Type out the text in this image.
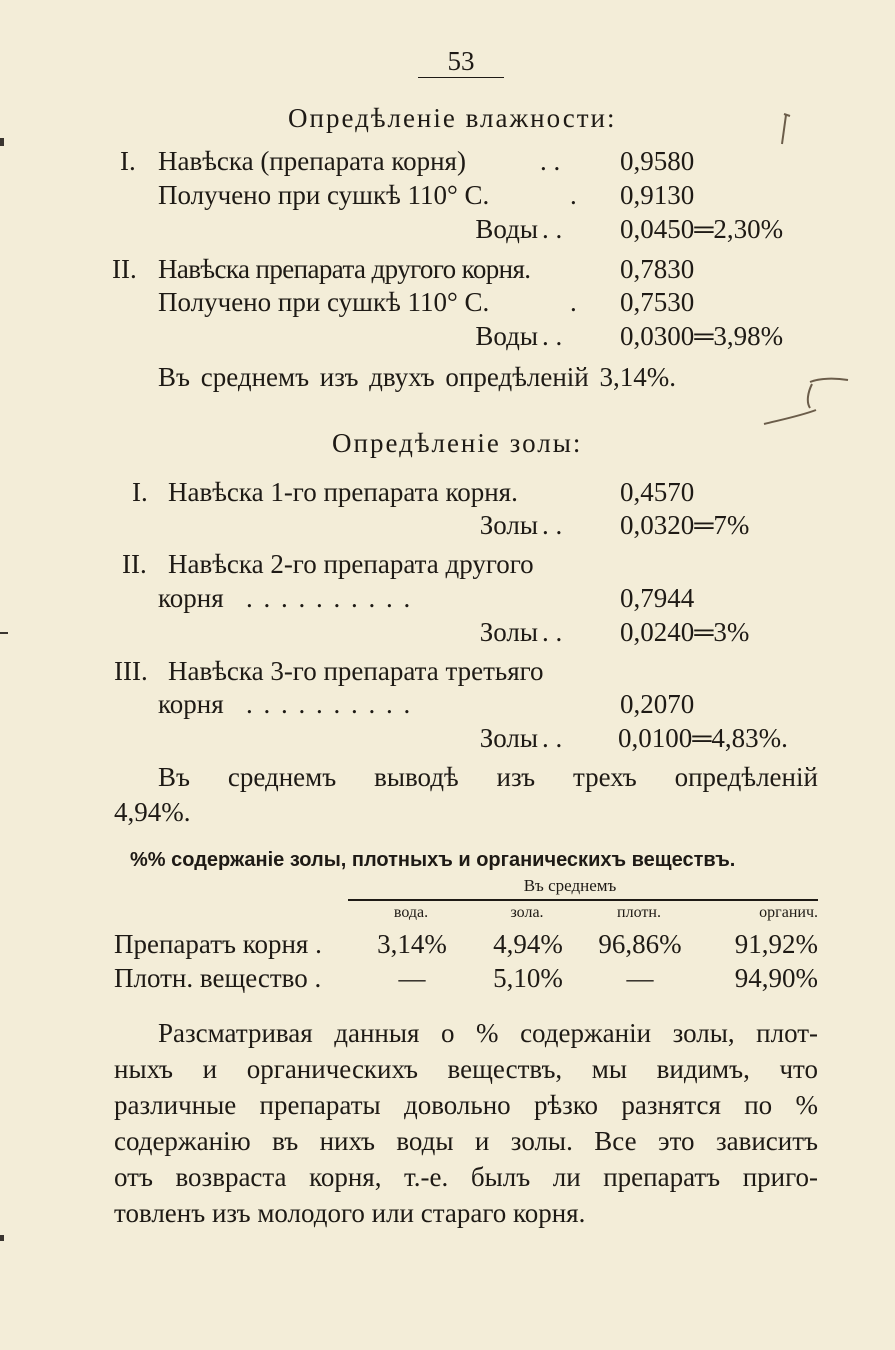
53
Опредѣленіе влажности:
I. Навѣска (препарата корня)	. . 0,9580
Получено при сушкѣ 110° С.	. 0,9130
Воды . . 0,0450═2,30%
II. Навѣска препарата другого корня.	0,7830
Получено при сушкѣ 110° С.	. 0,7530
Воды . . 0,0300═3,98%
Въ среднемъ изъ двухъ опредѣленій 3,14%.
Опредѣленіе золы:
I. Навѣска 1-го препарата корня.	0,4570
Золы . . 0,0320═7%
II. Навѣска 2-го препарата другого
корня . . . . . . . . . .	0,7944
Золы . . 0,0240═3%
III. Навѣска 3-го препарата третьяго
корня . . . . . . . . . .	0,2070
Золы . . 0,0100═4,83%.
Въ среднемъ выводѣ изъ трехъ опредѣленій
4,94%.
%% содержаніе золы, плотныхъ и органическихъ веществъ.
Въ среднемъ
вода.	зола.	плотн.	органич.
Препаратъ корня .	3,14%	4,94%	96,86%	91,92%
Плотн. вещество .	—	5,10%	—	94,90%
Разсматривая данныя о % содержаніи золы, плот-
ныхъ и органическихъ веществъ, мы видимъ, что
различные препараты довольно рѣзко разнятся по %
содержанію въ нихъ воды и золы. Все это зависитъ
отъ возвраста корня, т.-е. былъ ли препаратъ приго-
товленъ изъ молодого или стараго корня.
